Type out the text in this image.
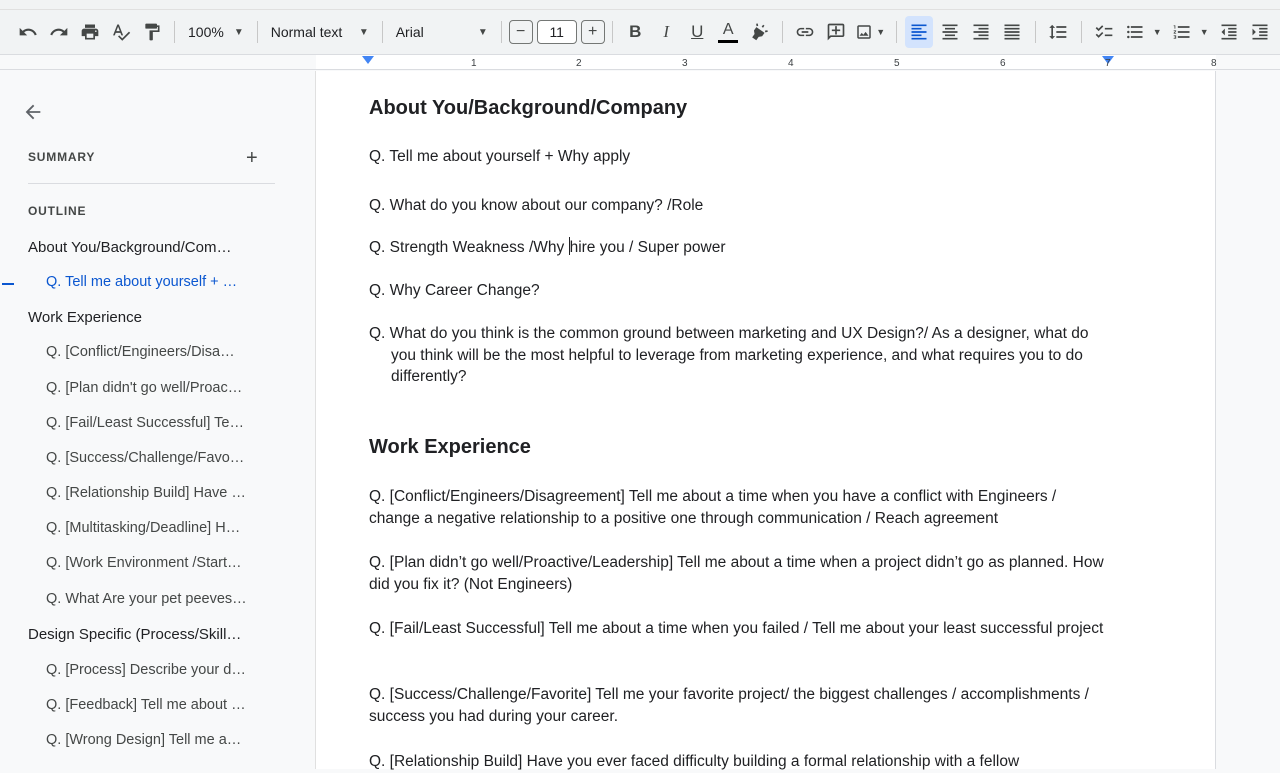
100% ▼ Normal text ▼ Arial	▼	−	11	+	B	I	U	A	▼	▼	▼
1	2	3	4	5	6	7	8
SUMMARY	+
OUTLINE
About You/Background/Com…
Q. Tell me about yourself + …
Work Experience
Q. [Conflict/Engineers/Disa…
Q. [Plan didn't go well/Proac…
Q. [Fail/Least Successful] Te…
Q. [Success/Challenge/Favo…
Q. [Relationship Build] Have …
Q. [Multitasking/Deadline] H…
Q. [Work Environment /Start…
Q. What Are your pet peeves…
Design Specific (Process/Skill…
Q. [Process] Describe your d…
Q. [Feedback] Tell me about …
Q. [Wrong Design] Tell me a…
About You/Background/Company

Q. Tell me about yourself + Why apply

Q. What do you know about our company? /Role

Q. Strength Weakness /Why hire you / Super power

Q. Why Career Change?

Q. What do you think is the common ground between marketing and UX Design?/ As a designer, what do you think will be the most helpful to leverage from marketing experience, and what requires you to do differently?

Work Experience

Q. [Conflict/Engineers/Disagreement] Tell me about a time when you have a conflict with Engineers / change a negative relationship to a positive one through communication / Reach agreement

Q. [Plan didn’t go well/Proactive/Leadership] Tell me about a time when a project didn’t go as planned. How did you fix it? (Not Engineers)

Q. [Fail/Least Successful] Tell me about a time when you failed / Tell me about your least successful project

Q. [Success/Challenge/Favorite] Tell me your favorite project/ the biggest challenges / accomplishments / success you had during your career.

Q. [Relationship Build] Have you ever faced difficulty building a formal relationship with a fellow
